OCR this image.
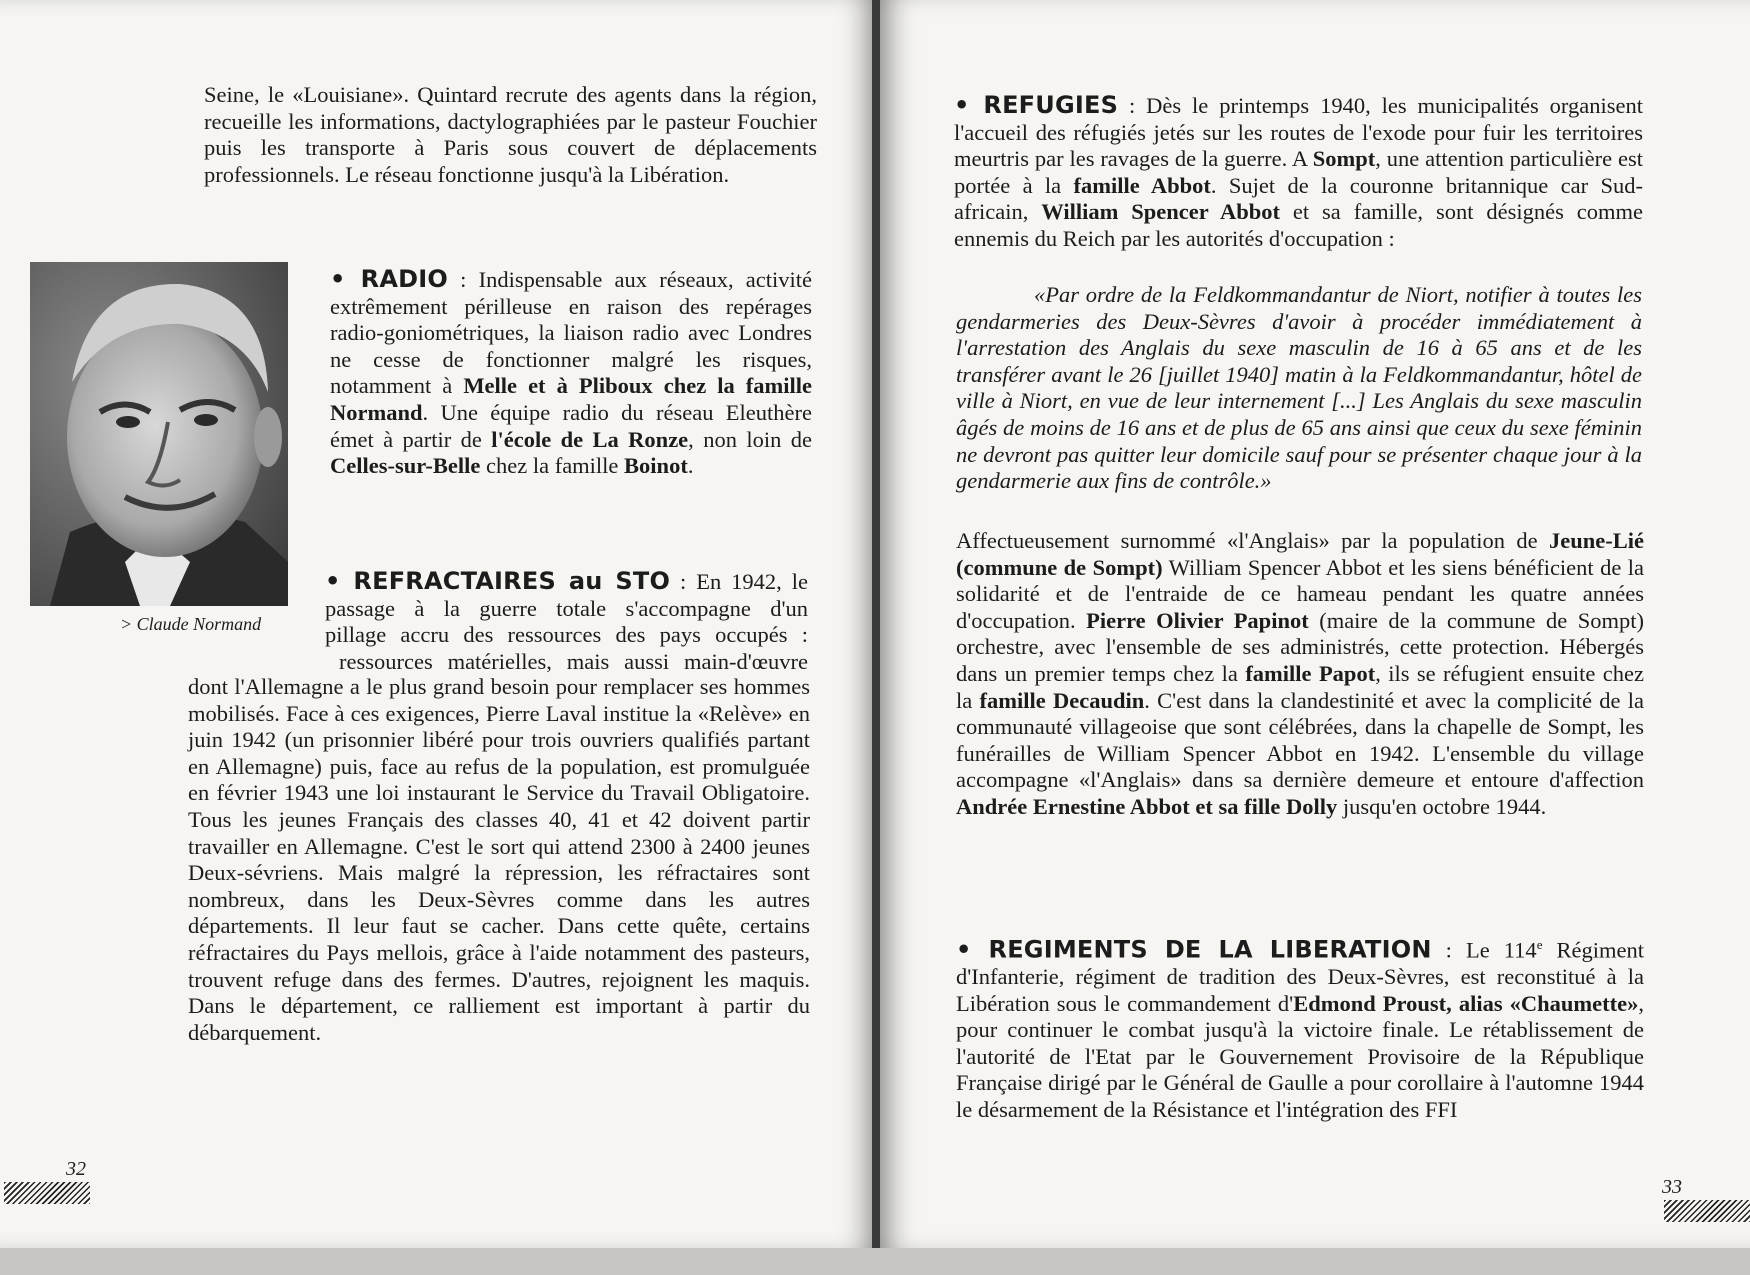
Seine, le «Louisiane». Quintard recrute des agents dans la région, recueille les informations, dactylographiées par le pasteur Fouchier puis les transporte à Paris sous couvert de déplacements professionnels. Le réseau fonctionne jusqu'à la Libération.

> Claude Normand

• RADIO : Indispensable aux réseaux, activité extrêmement périlleuse en raison des repérages radio-goniométriques, la liaison radio avec Londres ne cesse de fonctionner malgré les risques, notamment à Melle et à Pliboux chez la famille Normand. Une équipe radio du réseau Eleuthère émet à partir de l'école de La Ronze, non loin de Celles-sur-Belle chez la famille Boinot.

• REFRACTAIRES au STO : En 1942, le
passage à la guerre totale s'accompagne d'un
pillage accru des ressources des pays occupés :
ressources matérielles, mais aussi main-d'œuvre

dont l'Allemagne a le plus grand besoin pour remplacer ses hommes mobilisés. Face à ces exigences, Pierre Laval institue la «Relève» en juin 1942 (un prisonnier libéré pour trois ouvriers qualifiés partant en Allemagne) puis, face au refus de la population, est promulguée en février 1943 une loi instaurant le Service du Travail Obligatoire. Tous les jeunes Français des classes 40, 41 et 42 doivent partir travailler en Allemagne. C'est le sort qui attend 2300 à 2400 jeunes Deux-sévriens. Mais malgré la répression, les réfractaires sont nombreux, dans les Deux-Sèvres comme dans les autres départements. Il leur faut se cacher. Dans cette quête, certains réfractaires du Pays mellois, grâce à l'aide notamment des pasteurs, trouvent refuge dans des fermes. D'autres, rejoignent les maquis. Dans le département, ce ralliement est important à partir du débarquement.

32

• REFUGIES : Dès le printemps 1940, les municipalités organisent l'accueil des réfugiés jetés sur les routes de l'exode pour fuir les territoires meurtris par les ravages de la guerre. A Sompt, une attention particulière est portée à la famille Abbot. Sujet de la couronne britannique car Sud-africain, William Spencer Abbot et sa famille, sont désignés comme ennemis du Reich par les autorités d'occupation :

«Par ordre de la Feldkommandantur de Niort, notifier à toutes les gendarmeries des Deux-Sèvres d'avoir à procéder immédiatement à l'arrestation des Anglais du sexe masculin de 16 à 65 ans et de les transférer avant le 26 [juillet 1940] matin à la Feldkommandantur, hôtel de ville à Niort, en vue de leur internement [...] Les Anglais du sexe masculin âgés de moins de 16 ans et de plus de 65 ans ainsi que ceux du sexe féminin ne devront pas quitter leur domicile sauf pour se présenter chaque jour à la gendarmerie aux fins de contrôle.»

Affectueusement surnommé «l'Anglais» par la population de Jeune-Lié (commune de Sompt) William Spencer Abbot et les siens bénéficient de la solidarité et de l'entraide de ce hameau pendant les quatre années d'occupation. Pierre Olivier Papinot (maire de la commune de Sompt) orchestre, avec l'ensemble de ses administrés, cette protection. Hébergés dans un premier temps chez la famille Papot, ils se réfugient ensuite chez la famille Decaudin. C'est dans la clandestinité et avec la complicité de la communauté villageoise que sont célébrées, dans la chapelle de Sompt, les funérailles de William Spencer Abbot en 1942. L'ensemble du village accompagne «l'Anglais» dans sa dernière demeure et entoure d'affection Andrée Ernestine Abbot et sa fille Dolly jusqu'en octobre 1944.

• REGIMENTS DE LA LIBERATION : Le 114e Régiment d'Infanterie, régiment de tradition des Deux-Sèvres, est reconstitué à la Libération sous le commandement d'Edmond Proust, alias «Chaumette», pour continuer le combat jusqu'à la victoire finale. Le rétablissement de l'autorité de l'Etat par le Gouvernement Provisoire de la République Française dirigé par le Général de Gaulle a pour corollaire à l'automne 1944 le désarmement de la Résistance et l'intégration des FFI

33
